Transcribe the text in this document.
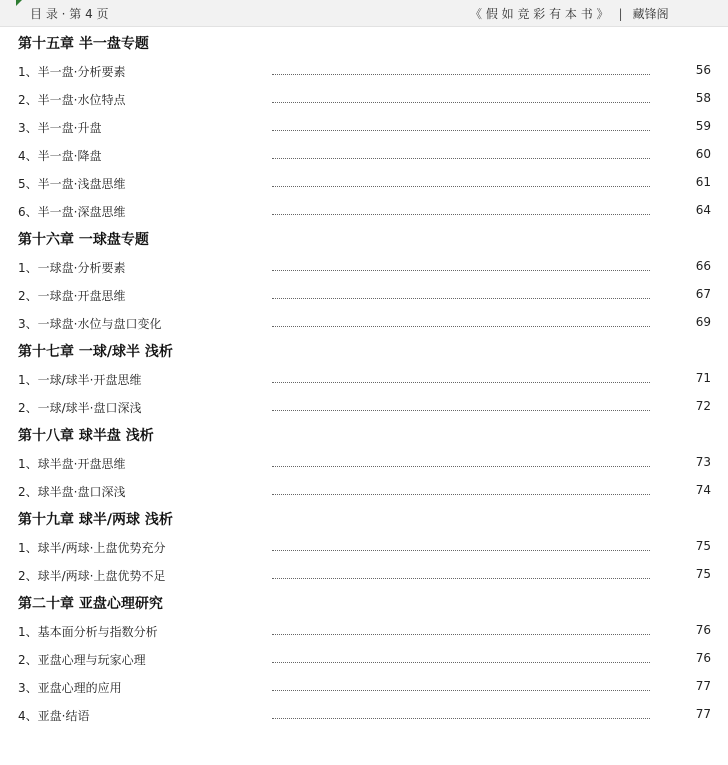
目 录 · 第 4 页	《 假 如 竞 彩 有 本 书 》 | 藏锋阁
第十五章 半一盘专题
1、半一盘·分析要素	56
2、半一盘·水位特点	58
3、半一盘·升盘	59
4、半一盘·降盘	60
5、半一盘·浅盘思维	61
6、半一盘·深盘思维	64
第十六章 一球盘专题
1、一球盘·分析要素	66
2、一球盘·开盘思维	67
3、一球盘·水位与盘口变化	69
第十七章 一球/球半 浅析
1、一球/球半·开盘思维	71
2、一球/球半·盘口深浅	72
第十八章 球半盘 浅析
1、球半盘·开盘思维	73
2、球半盘·盘口深浅	74
第十九章 球半/两球 浅析
1、球半/两球·上盘优势充分	75
2、球半/两球·上盘优势不足	75
第二十章 亚盘心理研究
1、基本面分析与指数分析	76
2、亚盘心理与玩家心理	76
3、亚盘心理的应用	77
4、亚盘·结语	77
